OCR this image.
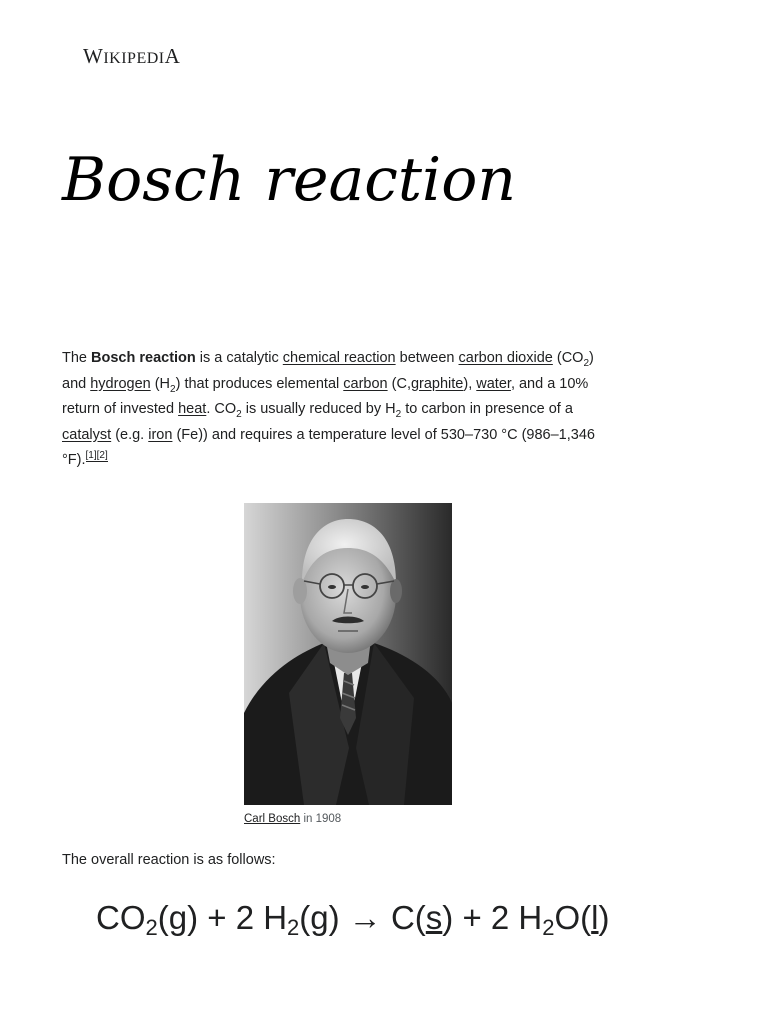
WIKIPEDIA
Bosch reaction

The Bosch reaction is a catalytic chemical reaction between carbon dioxide $(CO_2)$ and hydrogen $(H_2)$ that produces elemental carbon (C,graphite), water, and a 10% return of invested heat. $CO_2$ is usually reduced by $H_2$ to carbon in presence of a catalyst (e.g. iron (Fe)) and requires a temperature level of 530–730 °C (986–1,346 °F).[1][2]

Carl Bosch in 1908

The overall reaction is as follows:

$CO_2(g) + 2$ $H_2(g) \to C(s) + 2$ $H_2O(l)$
